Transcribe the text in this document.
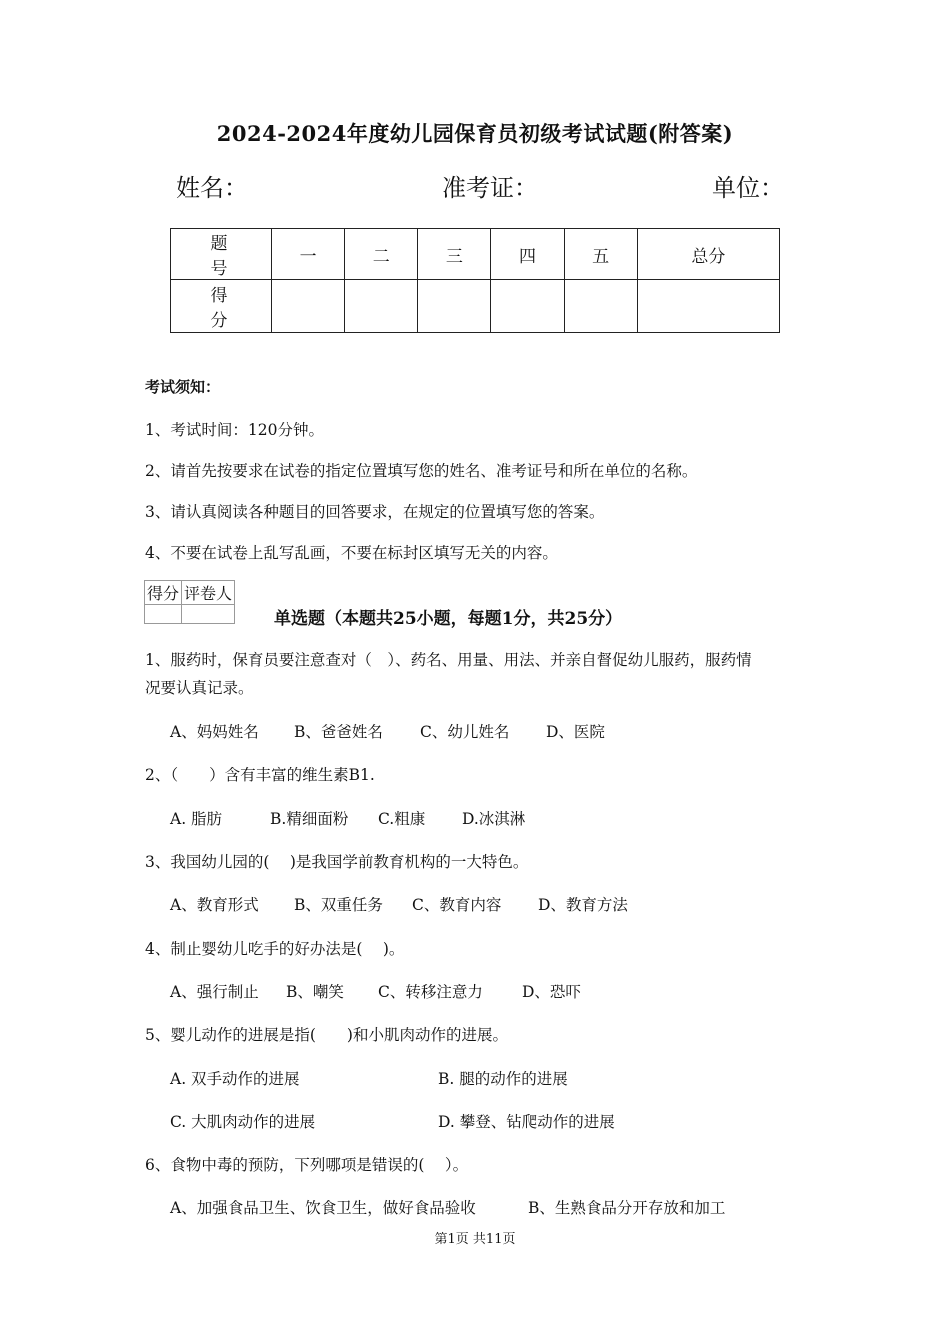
2024-2024年度幼儿园保育员初级考试试题(附答案)
姓名：	准考证：	单位：
题 号	一	二	三	四	五	总分
得 分						
考试须知：
1、考试时间：120分钟。
2、请首先按要求在试卷的指定位置填写您的姓名、准考证号和所在单位的名称。
3、请认真阅读各种题目的回答要求，在规定的位置填写您的答案。
4、不要在试卷上乱写乱画，不要在标封区填写无关的内容。
得分	评卷人

单选题（本题共25小题，每题1分，共25分）
1、服药时，保育员要注意查对（　）、药名、用量、用法、并亲自督促幼儿服药，服药情
况要认真记录。
A、妈妈姓名 B、爸爸姓名 C、幼儿姓名 D、医院
2、（　　）含有丰富的维生素B1.
A. 脂肪	B.精细面粉 C.粗康 D.冰淇淋
3、我国幼儿园的(　 )是我国学前教育机构的一大特色。
A、教育形式 B、双重任务 C、教育内容 D、教育方法
4、制止婴幼儿吃手的好办法是(　 )。
A、强行制止 B、嘲笑 C、转移注意力	D、恐吓
5、婴儿动作的进展是指(　　)和小肌肉动作的进展。
A. 双手动作的进展	B. 腿的动作的进展
C. 大肌肉动作的进展	D. 攀登、钻爬动作的进展
6、食物中毒的预防，下列哪项是错误的(　 ）。
A、加强食品卫生、饮食卫生，做好食品验收	B、生熟食品分开存放和加工
第1页 共11页
